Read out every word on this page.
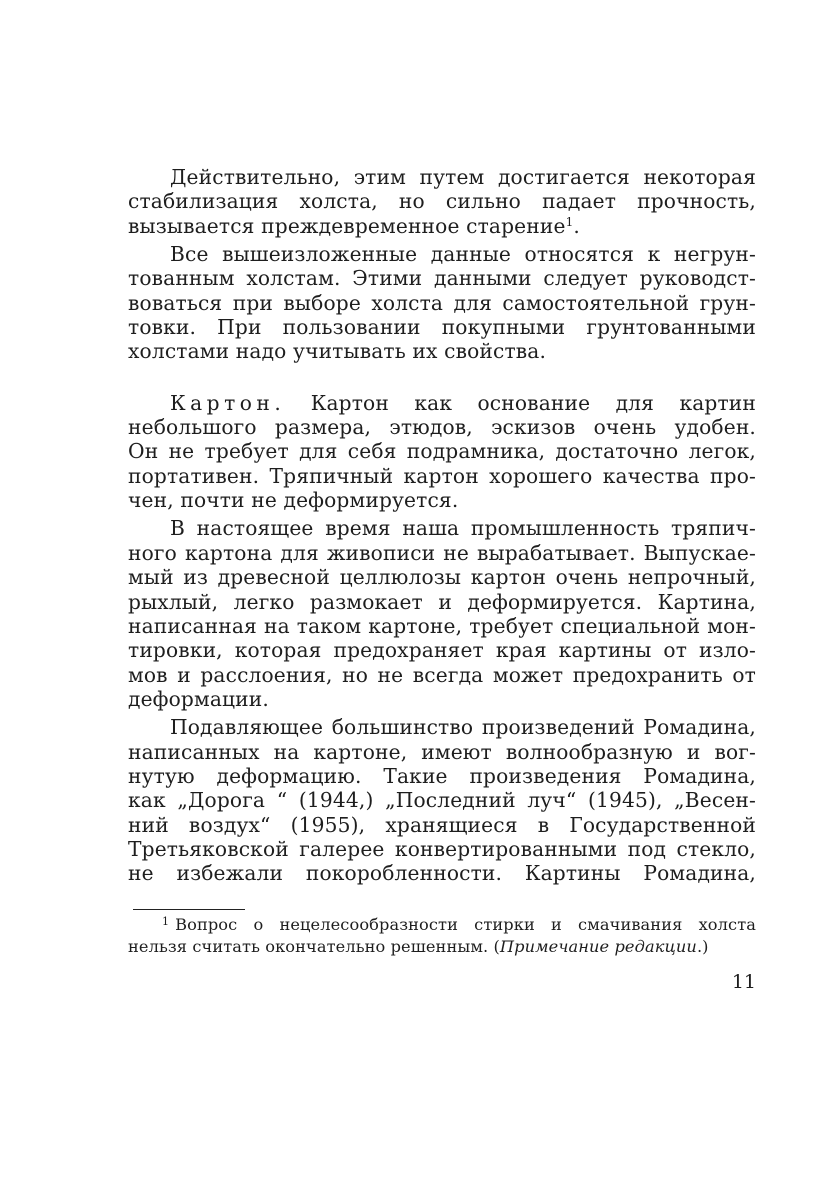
Действительно, этим путем достигается некоторая
стабилизация холста, но сильно падает прочность,
вызывается преждевременное старение$^1$.
Все вышеизложенные данные относятся к негрун-
тованным холстам. Этими данными следует руководст-
воваться при выборе холста для самостоятельной грун-
товки. При пользовании покупными грунтованными
холстами надо учитывать их свойства.
Картон. Картон как основание для картин
небольшого размера, этюдов, эскизов очень удобен.
Он не требует для себя подрамника, достаточно легок,
портативен. Тряпичный картон хорошего качества про-
чен, почти не деформируется.
В настоящее время наша промышленность тряпич-
ного картона для живописи не вырабатывает. Выпускае-
мый из древесной целлюлозы картон очень непрочный,
рыхлый, легко размокает и деформируется. Картина,
написанная на таком картоне, требует специальной мон-
тировки, которая предохраняет края картины от изло-
мов и расслоения, но не всегда может предохранить от
деформации.
Подавляющее большинство произведений Ромадина,
написанных на картоне, имеют волнообразную и вог-
нутую деформацию. Такие произведения Ромадина,
как „Дорога “ (1944,) „Последний луч“ (1945), „Весен-
ний воздух“ (1955), хранящиеся в Государственной
Третьяковской галерее конвертированными под стекло,
не избежали покоробленности. Картины Ромадина,
$^1$ Вопрос о нецелесообразности стирки и смачивания холста
нельзя считать окончательно решенным. (Примечание редакции.)
11
